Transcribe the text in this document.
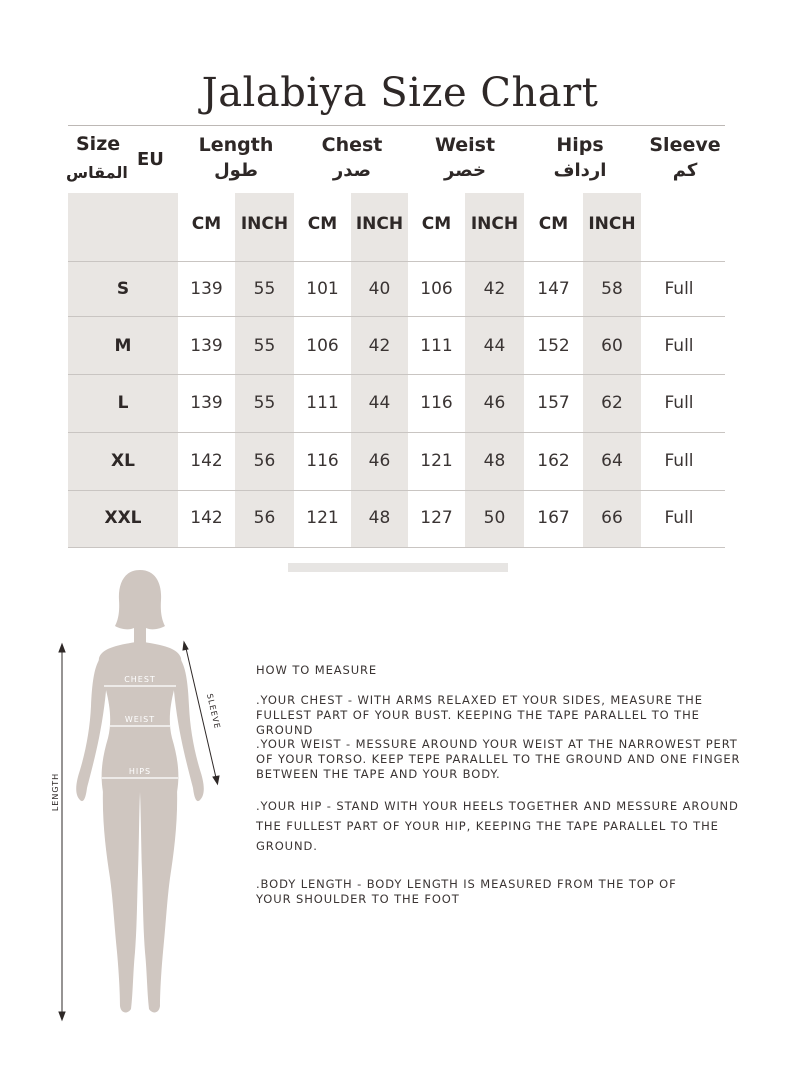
Jalabiya Size Chart
Size
EU
المقاس
Length
طول
Chest
صدر
Weist
خصر
Hips
ارداف
Sleeve
كم
CM	INCH	CM	INCH	CM	INCH	CM	INCH
S	139	55	101	40	106	42	147	58	Full
M	139	55	106	42	111	44	152	60	Full
L	139	55	111	44	116	46	157	62	Full
XL	142	56	116	46	121	48	162	64	Full
XXL	142	56	121	48	127	50	167	66	Full
CHEST
WEIST
HIPS
LENGTH
SLEEVE
HOW TO MEASURE
.YOUR CHEST - WITH ARMS RELAXED ET YOUR SIDES, MEASURE THE FULLEST PART OF YOUR BUST. KEEPING THE TAPE PARALLEL TO THE GROUND
.YOUR WEIST - MESSURE AROUND YOUR WEIST AT THE NARROWEST PERT OF YOUR TORSO. KEEP TEPE PARALLEL TO THE GROUND AND ONE FINGER BETWEEN THE TAPE AND YOUR BODY.
.YOUR HIP - STAND WITH YOUR HEELS TOGETHER AND MESSURE AROUND
THE FULLEST PART OF YOUR HIP, KEEPING THE TAPE PARALLEL TO THE
GROUND.
.BODY LENGTH - BODY LENGTH IS MEASURED FROM THE TOP OF YOUR SHOULDER TO THE FOOT
